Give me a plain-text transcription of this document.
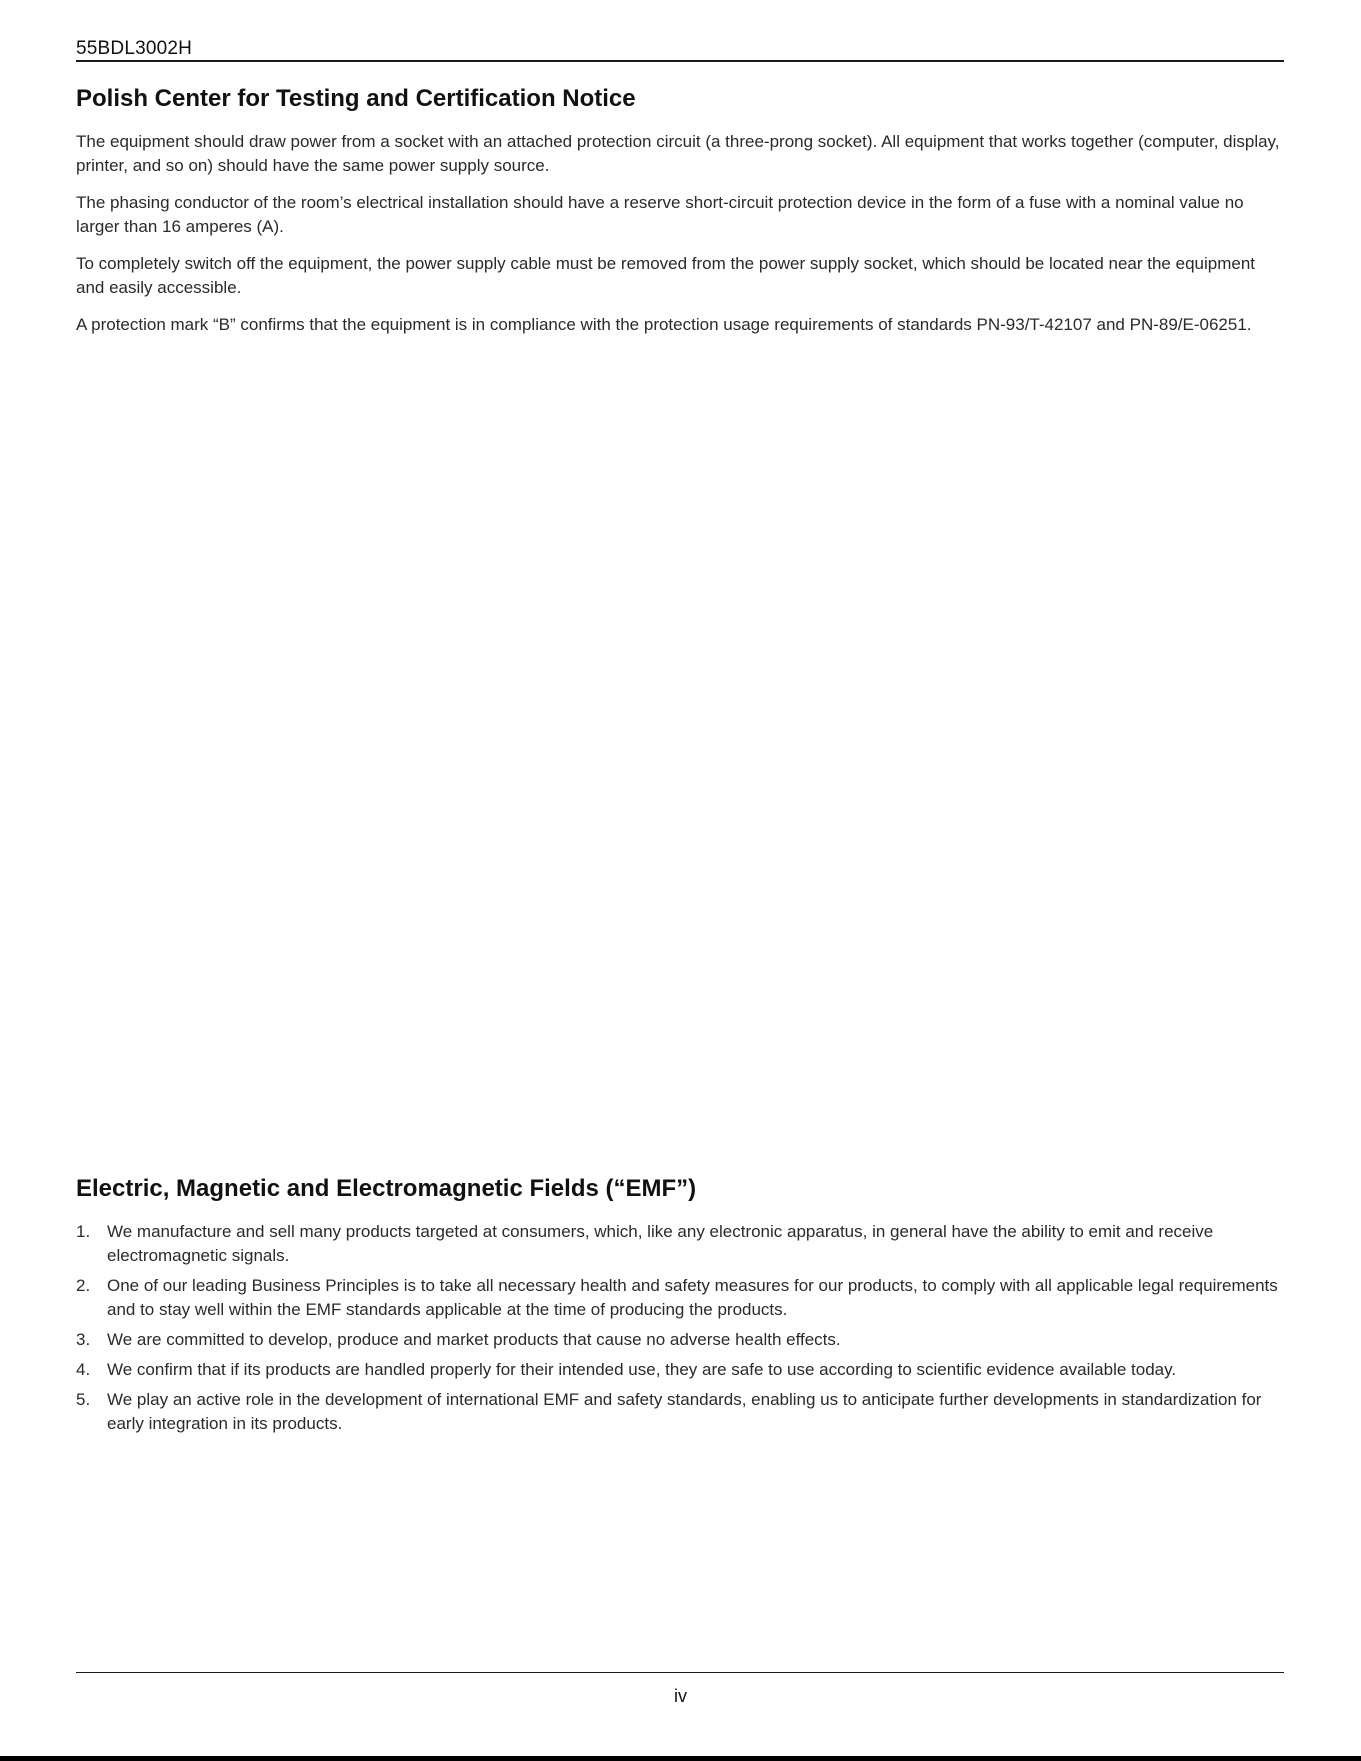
55BDL3002H
Polish Center for Testing and Certification Notice

The equipment should draw power from a socket with an attached protection circuit (a three-prong socket). All equipment that works together (computer, display, printer, and so on) should have the same power supply source.

The phasing conductor of the room’s electrical installation should have a reserve short-circuit protection device in the form of a fuse with a nominal value no larger than 16 amperes (A).

To completely switch off the equipment, the power supply cable must be removed from the power supply socket, which should be located near the equipment and easily accessible.

A protection mark “B” confirms that the equipment is in compliance with the protection usage requirements of standards PN-93/T-42107 and PN-89/E-06251.

Electric, Magnetic and Electromagnetic Fields (“EMF”)
1. We manufacture and sell many products targeted at consumers, which, like any electronic apparatus, in general have the ability to emit and receive electromagnetic signals.
2. One of our leading Business Principles is to take all necessary health and safety measures for our products, to comply with all applicable legal requirements and to stay well within the EMF standards applicable at the time of producing the products.
3. We are committed to develop, produce and market products that cause no adverse health effects.
4. We confirm that if its products are handled properly for their intended use, they are safe to use according to scientific evidence available today.
5. We play an active role in the development of international EMF and safety standards, enabling us to anticipate further developments in standardization for early integration in its products.
iv
